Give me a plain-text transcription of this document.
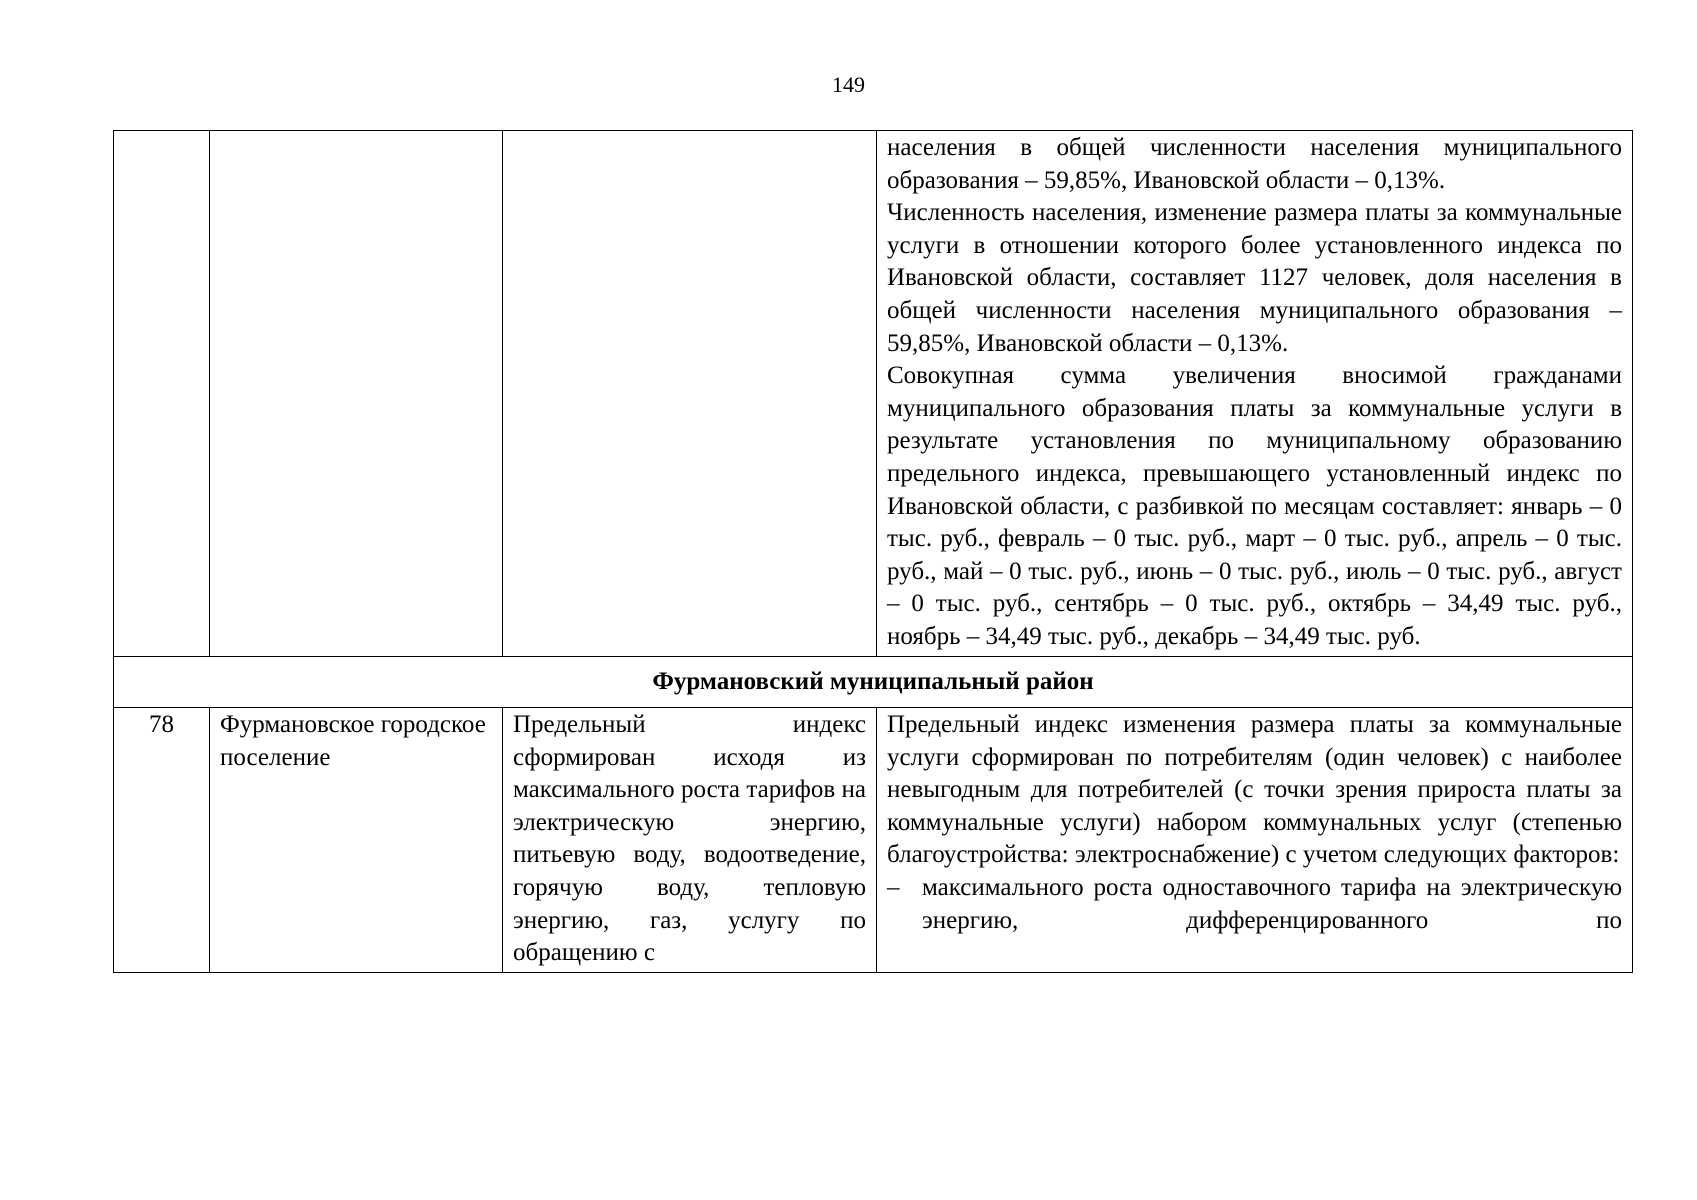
149

			населения в общей численности населения муниципального образования – 59,85%, Ивановской области – 0,13%.

Численность населения, изменение размера платы за коммунальные услуги в отношении которого более установленного индекса по Ивановской области, составляет 1127 человек, доля населения в общей численности населения муниципального образования – 59,85%, Ивановской области – 0,13%.

Совокупная сумма увеличения вносимой гражданами муниципального образования платы за коммунальные услуги в результате установления по муниципальному образованию предельного индекса, превышающего установленный индекс по Ивановской области, с разбивкой по месяцам составляет: январь – 0 тыс. руб., февраль – 0 тыс. руб., март – 0 тыс. руб., апрель – 0 тыс. руб., май – 0 тыс. руб., июнь – 0 тыс. руб., июль – 0 тыс. руб., август – 0 тыс. руб., сентябрь – 0 тыс. руб., октябрь – 34,49 тыс. руб., ноябрь – 34,49 тыс. руб., декабрь – 34,49 тыс. руб.

Фурмановский муниципальный район			
78	Фурмановское городское поселение	Предельный индекс сформирован исходя из максимального роста тарифов на электрическую энергию, питьевую воду, водоотведение, горячую воду, тепловую энергию, газ, услугу по обращению с	Предельный индекс изменения размера платы за коммунальные услуги сформирован по потребителям (один человек) с наиболее невыгодным для потребителей (с точки зрения прироста платы за коммунальные услуги) набором коммунальных услуг (степенью благоустройства: электроснабжение) с учетом следующих факторов:

– максимального роста одноставочного тарифа на электрическую энергию, дифференцированного по
